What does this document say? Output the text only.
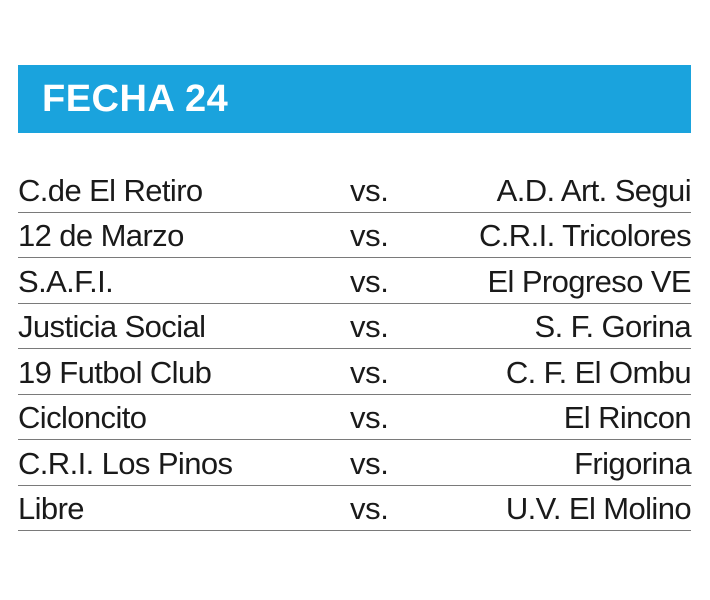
FECHA 24
C.de El Retiro	vs.	A.D. Art. Segui
12 de Marzo	vs.	C.R.I. Tricolores
S.A.F.I.	vs.	El Progreso VE
Justicia Social	vs.	S. F. Gorina
19 Futbol Club	vs.	C. F. El Ombu
Cicloncito	vs.	El Rincon
C.R.I. Los Pinos	vs.	Frigorina
Libre	vs.	U.V. El Molino
